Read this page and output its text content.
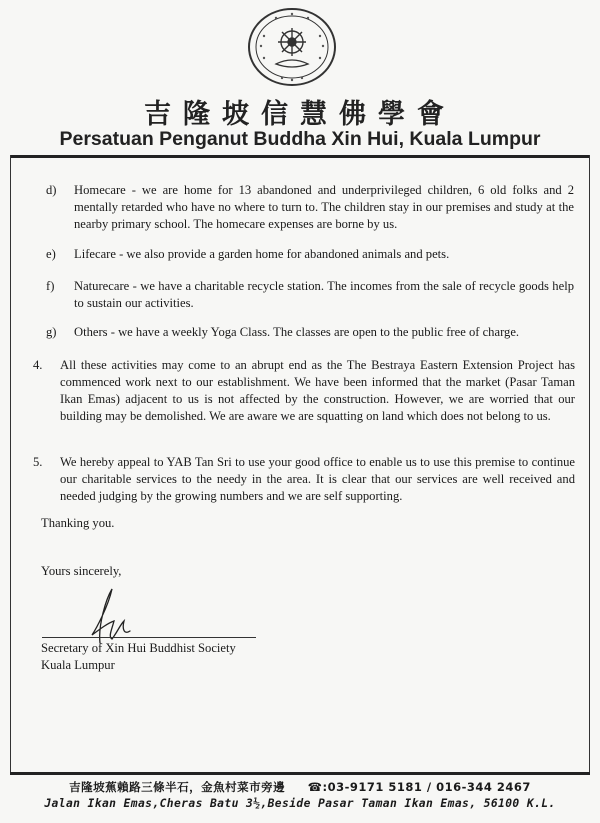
吉隆坡信慧佛學會
Persatuan Penganut Buddha Xin Hui, Kuala Lumpur
d) Homecare - we are home for 13 abandoned and underprivileged children, 6 old folks and 2 mentally retarded who have no where to turn to. The children stay in our premises and study at the nearby primary school. The homecare expenses are borne by us.
e) Lifecare - we also provide a garden home for abandoned animals and pets.
f) Naturecare - we have a charitable recycle station. The incomes from the sale of recycle goods help to sustain our activities.
g) Others - we have a weekly Yoga Class. The classes are open to the public free of charge.
4. All these activities may come to an abrupt end as the The Bestraya Eastern Extension Project has commenced work next to our establishment. We have been informed that the market (Pasar Taman Ikan Emas) adjacent to us is not affected by the construction. However, we are worried that our building may be demolished. We are aware we are squatting on land which does not belong to us.
5. We hereby appeal to YAB Tan Sri to use your good office to enable us to use this premise to continue our charitable services to the needy in the area. It is clear that our services are well received and needed judging by the growing numbers and we are self supporting.
Thanking you.
Yours sincerely,
Secretary of Xin Hui Buddhist Society
Kuala Lumpur
吉隆坡蕉賴路三條半石，金魚村菜市旁邊 ☎:03-9171 5181 / 016-344 2467
Jalan Ikan Emas,Cheras Batu 3½,Beside Pasar Taman Ikan Emas, 56100 K.L.
